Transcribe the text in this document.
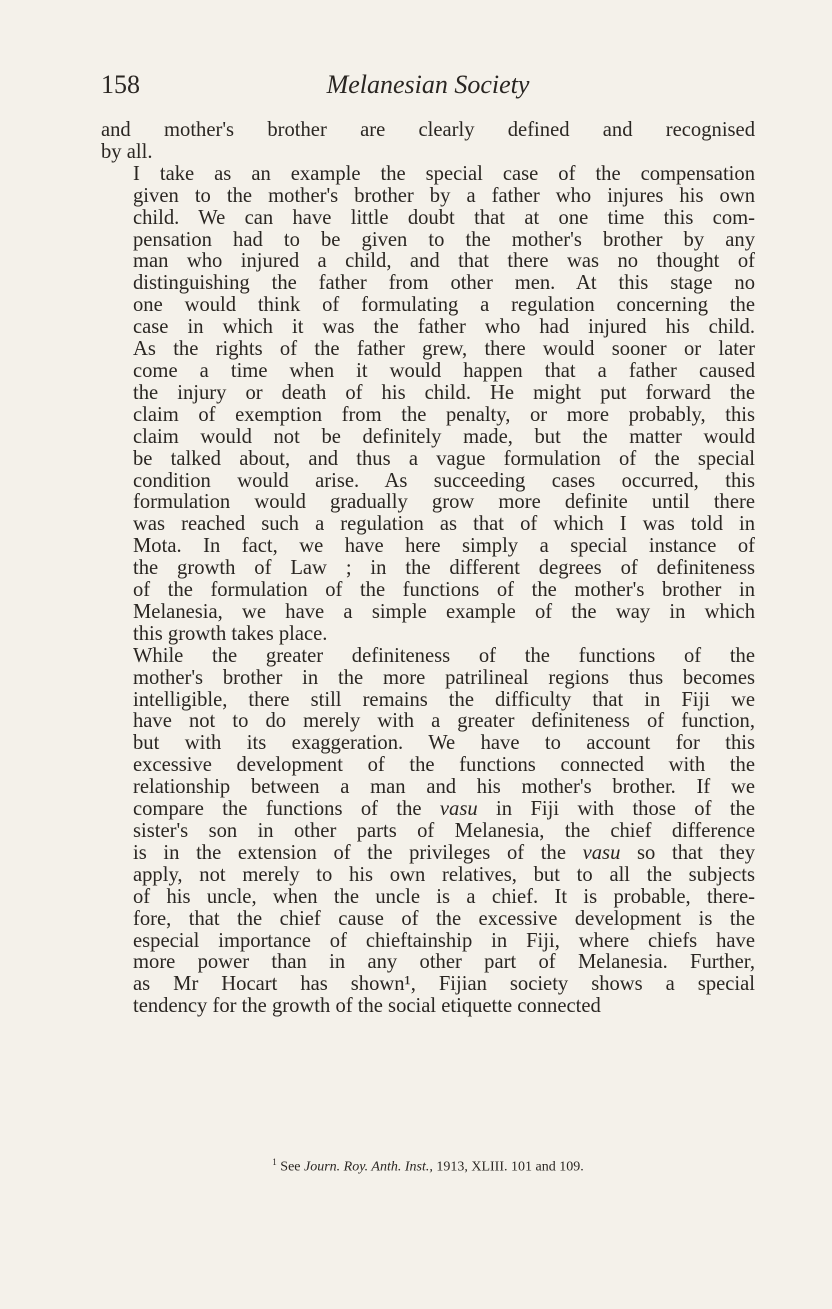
158	Melanesian Society

and mother's brother are clearly defined and recognised
by all.

I take as an example the special case of the compensation
given to the mother's brother by a father who injures his own
child. We can have little doubt that at one time this com-
pensation had to be given to the mother's brother by any
man who injured a child, and that there was no thought of
distinguishing the father from other men. At this stage no
one would think of formulating a regulation concerning the
case in which it was the father who had injured his child.
As the rights of the father grew, there would sooner or later
come a time when it would happen that a father caused
the injury or death of his child. He might put forward the
claim of exemption from the penalty, or more probably, this
claim would not be definitely made, but the matter would
be talked about, and thus a vague formulation of the special
condition would arise. As succeeding cases occurred, this
formulation would gradually grow more definite until there
was reached such a regulation as that of which I was told in
Mota. In fact, we have here simply a special instance of
the growth of Law ; in the different degrees of definiteness
of the formulation of the functions of the mother's brother in
Melanesia, we have a simple example of the way in which
this growth takes place.

While the greater definiteness of the functions of the
mother's brother in the more patrilineal regions thus becomes
intelligible, there still remains the difficulty that in Fiji we
have not to do merely with a greater definiteness of function,
but with its exaggeration. We have to account for this
excessive development of the functions connected with the
relationship between a man and his mother's brother. If we
compare the functions of the vasu in Fiji with those of the
sister's son in other parts of Melanesia, the chief difference
is in the extension of the privileges of the vasu so that they
apply, not merely to his own relatives, but to all the subjects
of his uncle, when the uncle is a chief. It is probable, there-
fore, that the chief cause of the excessive development is the
especial importance of chieftainship in Fiji, where chiefs have
more power than in any other part of Melanesia. Further,
as Mr Hocart has shown¹, Fijian society shows a special
tendency for the growth of the social etiquette connected

$^1$ See Journ. Roy. Anth. Inst., 1913, XLIII. 101 and 109.
